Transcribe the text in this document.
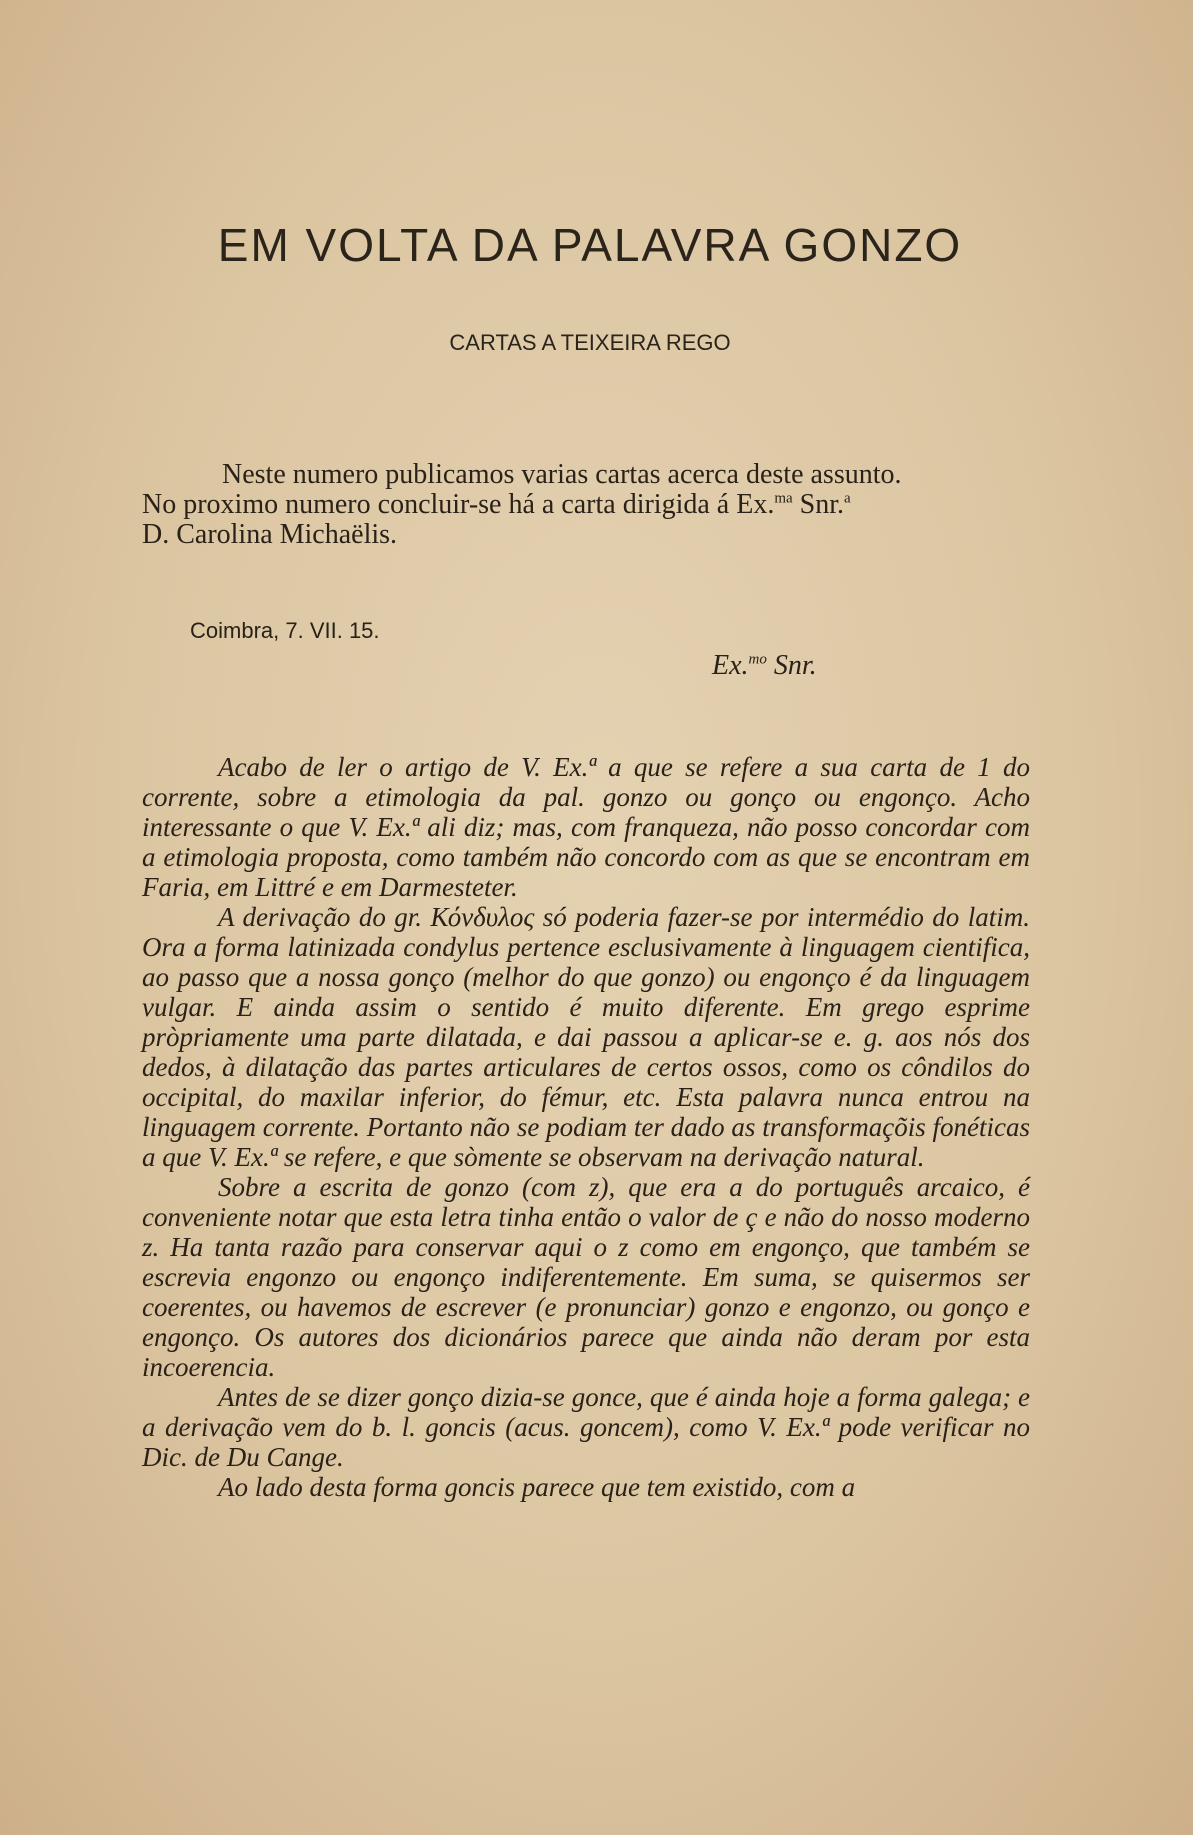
EM VOLTA DA PALAVRA GONZO
CARTAS A TEIXEIRA REGO
Neste numero publicamos varias cartas acerca deste assunto.
No proximo numero concluir-se há a carta dirigida á Ex.$^{ma}$ Snr.$^a$
D. Carolina Michaëlis.
Coimbra, 7. VII. 15.
Ex.$^{mo}$ Snr.

Acabo de ler o artigo de V. Ex.ª a que se refere a sua carta de 1 do corrente, sobre a etimologia da pal. gonzo ou gonço ou engonço. Acho interessante o que V. Ex.ª ali diz; mas, com franqueza, não posso concordar com a etimologia proposta, como também não concordo com as que se encontram em Faria, em Littré e em Darmesteter.

A derivação do gr. Κόνδυλος só poderia fazer-se por intermédio do latim. Ora a forma latinizada condylus pertence esclusivamente à linguagem cientifica, ao passo que a nossa gonço (melhor do que gonzo) ou engonço é da linguagem vulgar. E ainda assim o sentido é muito diferente. Em grego esprime pròpriamente uma parte dilatada, e dai passou a aplicar-se e. g. aos nós dos dedos, à dilatação das partes articulares de certos ossos, como os côndilos do occipital, do maxilar inferior, do fémur, etc. Esta palavra nunca entrou na linguagem corrente. Portanto não se podiam ter dado as transformaçõis fonéticas a que V. Ex.ª se refere, e que sòmente se observam na derivação natural.

Sobre a escrita de gonzo (com z), que era a do português arcaico, é conveniente notar que esta letra tinha então o valor de ç e não do nosso moderno z. Ha tanta razão para conservar aqui o z como em engonço, que também se escrevia engonzo ou engonço indiferentemente. Em suma, se quisermos ser coerentes, ou havemos de escrever (e pronunciar) gonzo e engonzo, ou gonço e engonço. Os autores dos dicionários parece que ainda não deram por esta incoerencia.

Antes de se dizer gonço dizia-se gonce, que é ainda hoje a forma galega; e a derivação vem do b. l. goncis (acus. goncem), como V. Ex.ª pode verificar no Dic. de Du Cange.

Ao lado desta forma goncis parece que tem existido, com a
